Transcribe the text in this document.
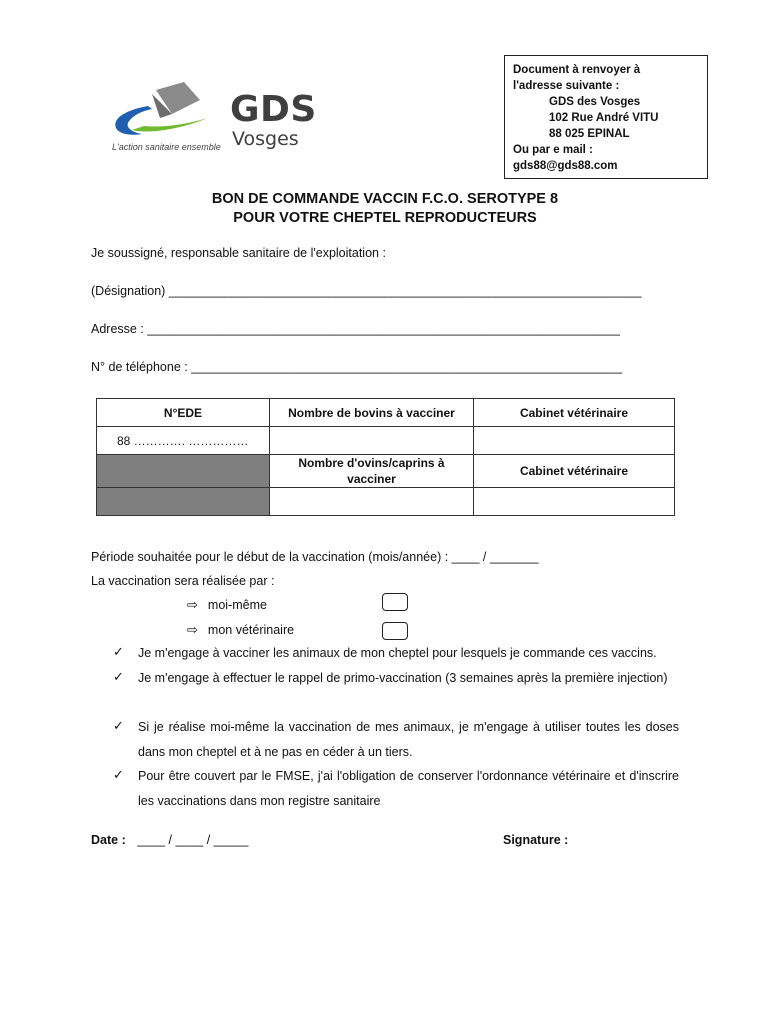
GDS
Vosges
L'action sanitaire ensemble
Document à renvoyer à
l'adresse suivante :
GDS des Vosges
102 Rue André VITU
88 025 EPINAL
Ou par e mail :
gds88@gds88.com
BON DE COMMANDE VACCIN F.C.O. SEROTYPE 8
POUR VOTRE CHEPTEL REPRODUCTEURS
Je soussigné, responsable sanitaire de l'exploitation :
(Désignation) ____________________________________________________________________
Adresse : ____________________________________________________________________
N° de téléphone : ______________________________________________________________
N°EDE	Nombre de bovins à vacciner	Cabinet vétérinaire
88 …………. ……………		
	Nombre d'ovins/caprins à vacciner	Cabinet vétérinaire

Période souhaitée pour le début de la vaccination (mois/année) : ____ / _______
La vaccination sera réalisée par :
⇨ moi-même
⇨ mon vétérinaire
✓ Je m'engage à vacciner les animaux de mon cheptel pour lesquels je commande ces vaccins.
✓ Je m'engage à effectuer le rappel de primo-vaccination (3 semaines après la première injection)
✓ Si je réalise moi-même la vaccination de mes animaux, je m'engage à utiliser toutes les doses dans mon cheptel et à ne pas en céder à un tiers.
✓ Pour être couvert par le FMSE, j'ai l'obligation de conserver l'ordonnance vétérinaire et d'inscrire les vaccinations dans mon registre sanitaire
Date : ____ / ____ / _____	Signature :
